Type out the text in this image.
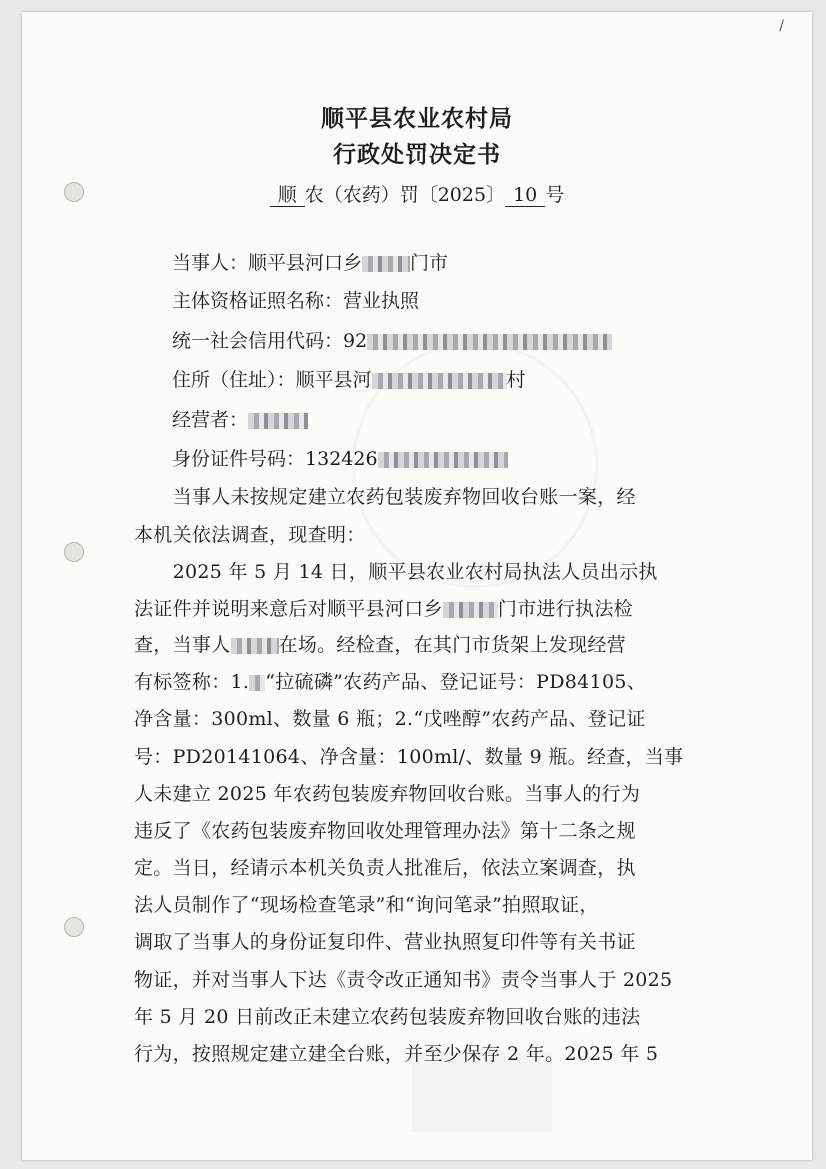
/
顺平县农业农村局
行政处罚决定书
顺 农（农药）罚〔2025〕 10 号
当事人：顺平县河口乡	门市
主体资格证照名称：营业执照
统一社会信用代码：92
住所（住址）：顺平县河	村
经营者：
身份证件号码：132426
　　当事人未按规定建立农药包装废弃物回收台账一案，经
本机关依法调查，现查明：
　　2025 年 5 月 14 日，顺平县农业农村局执法人员出示执
法证件并说明来意后对顺平县河口乡	门市进行执法检
查，当事人	在场。经检查，在其门市货架上发现经营
有标签称：1. “拉硫磷”农药产品、登记证号：PD84105、
净含量：300ml、数量 6 瓶；2.“戊唑醇”农药产品、登记证
号：PD20141064、净含量：100ml/、数量 9 瓶。经查，当事
人未建立 2025 年农药包装废弃物回收台账。当事人的行为
违反了《农药包装废弃物回收处理管理办法》第十二条之规
定。当日，经请示本机关负责人批准后，依法立案调查，执
法人员制作了“现场检查笔录”和“询问笔录”拍照取证，
调取了当事人的身份证复印件、营业执照复印件等有关书证
物证，并对当事人下达《责令改正通知书》责令当事人于 2025
年 5 月 20 日前改正未建立农药包装废弃物回收台账的违法
行为，按照规定建立建全台账，并至少保存 2 年。2025 年 5
